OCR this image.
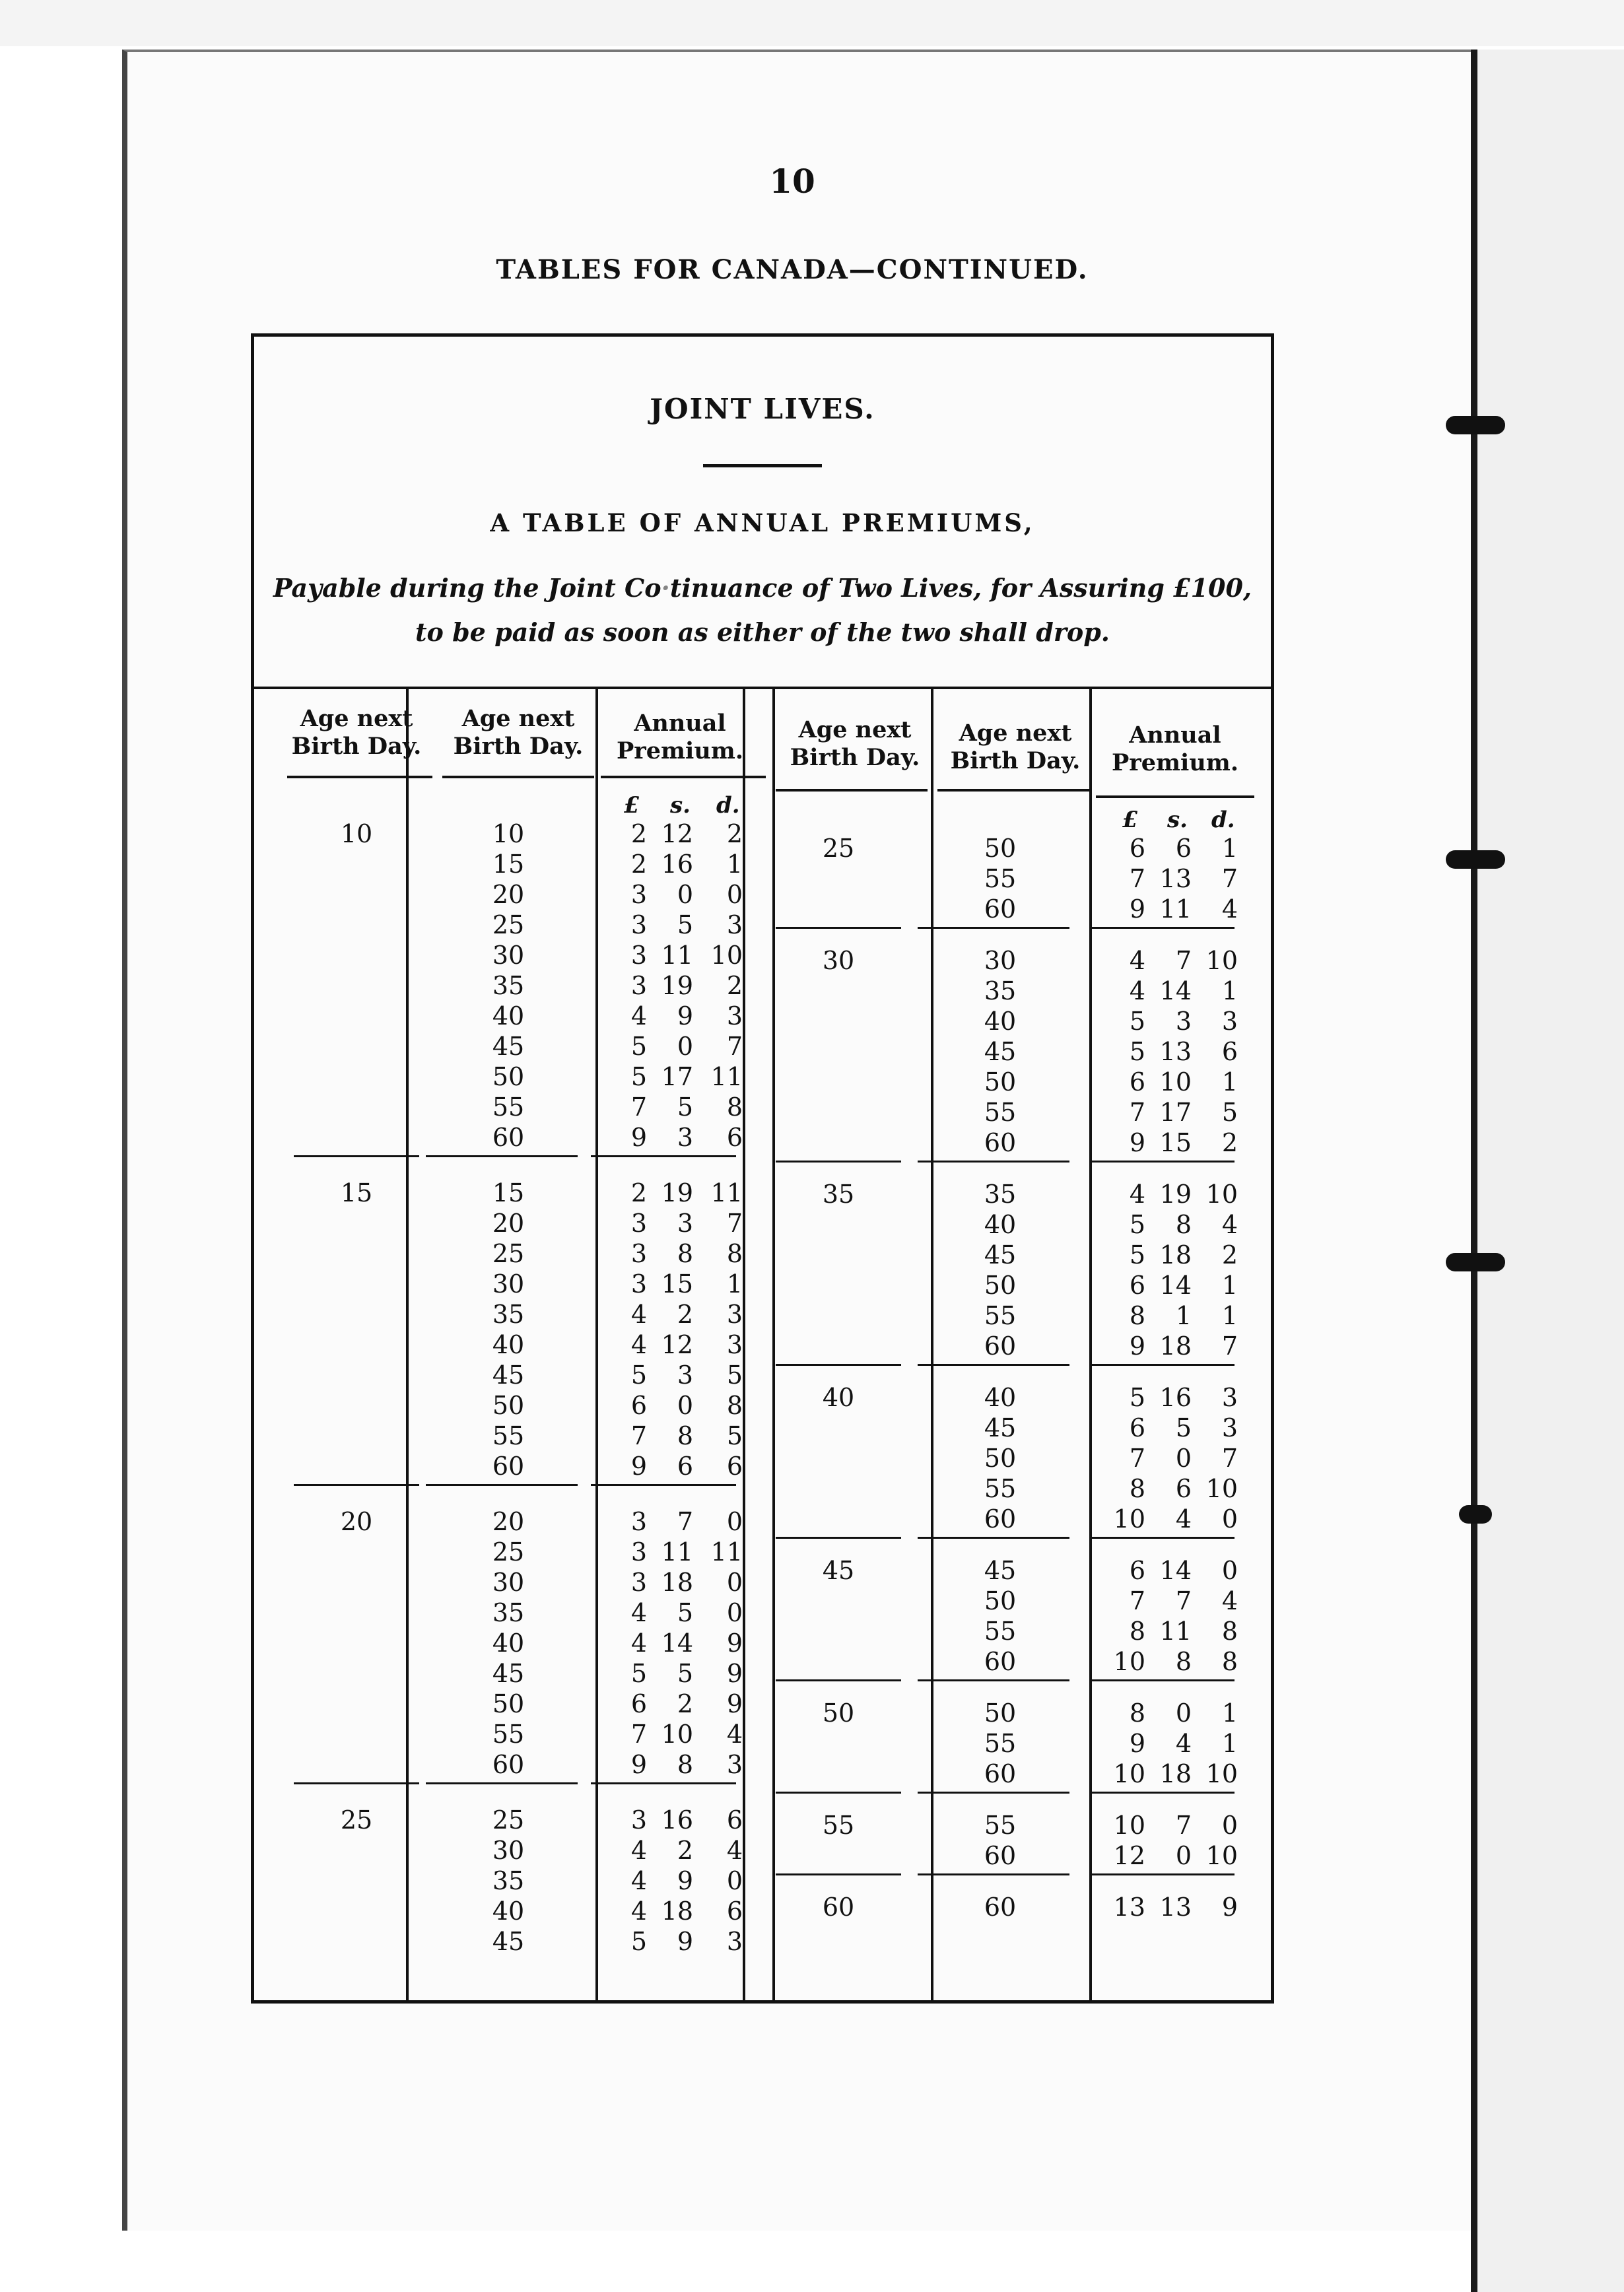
10
TABLES FOR CANADA—CONTINUED.
JOINT LIVES.
A TABLE OF ANNUAL PREMIUMS,
Payable during the Joint Co·tinuance of Two Lives, for Assuring £100,
to be paid as soon as either of the two shall drop.
Age next
Birth Day.
Age next
Birth Day.
Annual
Premium.
Age next
Birth Day.
Age next
Birth Day.
Annual
Premium.
£ s. d.
£ s. d.
10	10	2 12	2
15	2 16	1
20	3	0	0
25	3	5	3
30	3 11 10
35	3 19	2
40	4	9	3
45	5	0	7
50	5 17 11
55	7	5	8
60	9	3	6
15	15	2 19 11
20	3	3	7
25	3	8	8
30	3 15	1
35	4	2	3
40	4 12	3
45	5	3	5
50	6	0	8
55	7	8	5
60	9	6	6
20	20	3	7	0
25	3 11 11
30	3 18	0
35	4	5	0
40	4 14	9
45	5	5	9
50	6	2	9
55	7 10	4
60	9	8	3
25	25	3 16	6
30	4	2	4
35	4	9	0
40	4 18	6
45	5	9	3
25	50	6	6	1
55	7 13	7
60	9 11	4
30	30	4	7 10
35	4 14	1
40	5	3	3
45	5 13	6
50	6 10	1
55	7 17	5
60	9 15	2
35	35	4 19 10
40	5	8	4
45	5 18	2
50	6 14	1
55	8	1	1
60	9 18	7
40	40	5 16	3
45	6	5	3
50	7	0	7
55	8	6 10
60	10	4	0
45	45	6 14	0
50	7	7	4
55	8 11	8
60	10	8	8
50	50	8	0	1
55	9	4	1
60	10 18 10
55	55	10	7	0
60	12	0 10
60	60	13 13	9
